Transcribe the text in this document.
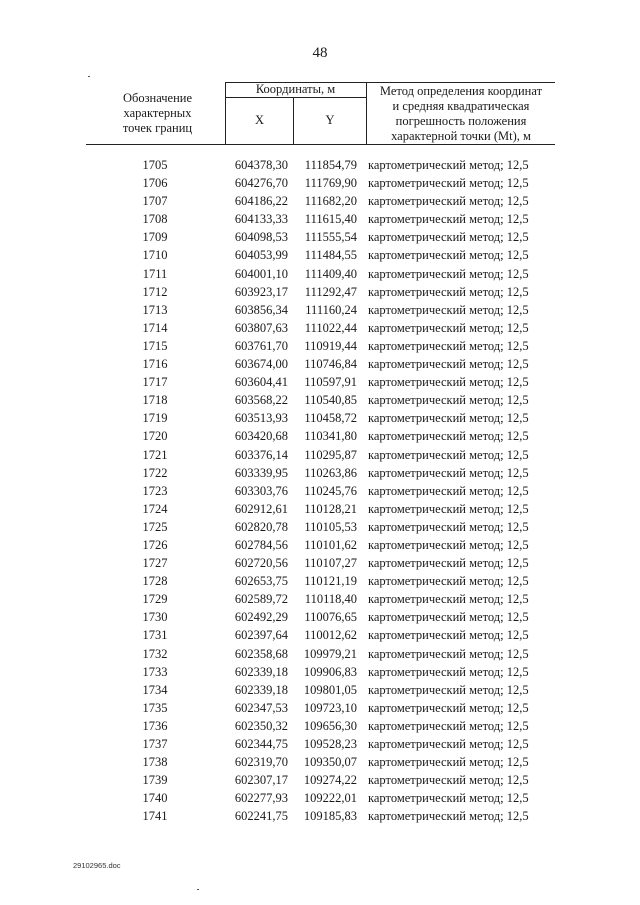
48
Обозначение
характерных
точек границ
Координаты, м
X	Y
Метод определения координат
и средняя квадратическая
погрешность положения
характерной точки (Mt), м
1705	604378,30	111854,79 картометрический метод; 12,5
1706	604276,70	111769,90 картометрический метод; 12,5
1707	604186,22	111682,20 картометрический метод; 12,5
1708	604133,33	111615,40 картометрический метод; 12,5
1709	604098,53	111555,54 картометрический метод; 12,5
1710	604053,99	111484,55 картометрический метод; 12,5
1711	604001,10	111409,40 картометрический метод; 12,5
1712	603923,17	111292,47 картометрический метод; 12,5
1713	603856,34	111160,24 картометрический метод; 12,5
1714	603807,63	111022,44 картометрический метод; 12,5
1715	603761,70	110919,44 картометрический метод; 12,5
1716	603674,00	110746,84 картометрический метод; 12,5
1717	603604,41	110597,91 картометрический метод; 12,5
1718	603568,22	110540,85 картометрический метод; 12,5
1719	603513,93	110458,72 картометрический метод; 12,5
1720	603420,68	110341,80 картометрический метод; 12,5
1721	603376,14	110295,87 картометрический метод; 12,5
1722	603339,95	110263,86 картометрический метод; 12,5
1723	603303,76	110245,76 картометрический метод; 12,5
1724	602912,61	110128,21 картометрический метод; 12,5
1725	602820,78	110105,53 картометрический метод; 12,5
1726	602784,56	110101,62 картометрический метод; 12,5
1727	602720,56	110107,27 картометрический метод; 12,5
1728	602653,75	110121,19 картометрический метод; 12,5
1729	602589,72	110118,40 картометрический метод; 12,5
1730	602492,29	110076,65 картометрический метод; 12,5
1731	602397,64	110012,62 картометрический метод; 12,5
1732	602358,68	109979,21 картометрический метод; 12,5
1733	602339,18	109906,83 картометрический метод; 12,5
1734	602339,18	109801,05 картометрический метод; 12,5
1735	602347,53	109723,10 картометрический метод; 12,5
1736	602350,32	109656,30 картометрический метод; 12,5
1737	602344,75	109528,23 картометрический метод; 12,5
1738	602319,70	109350,07 картометрический метод; 12,5
1739	602307,17	109274,22 картометрический метод; 12,5
1740	602277,93	109222,01 картометрический метод; 12,5
1741	602241,75	109185,83 картометрический метод; 12,5
29102965.doc
